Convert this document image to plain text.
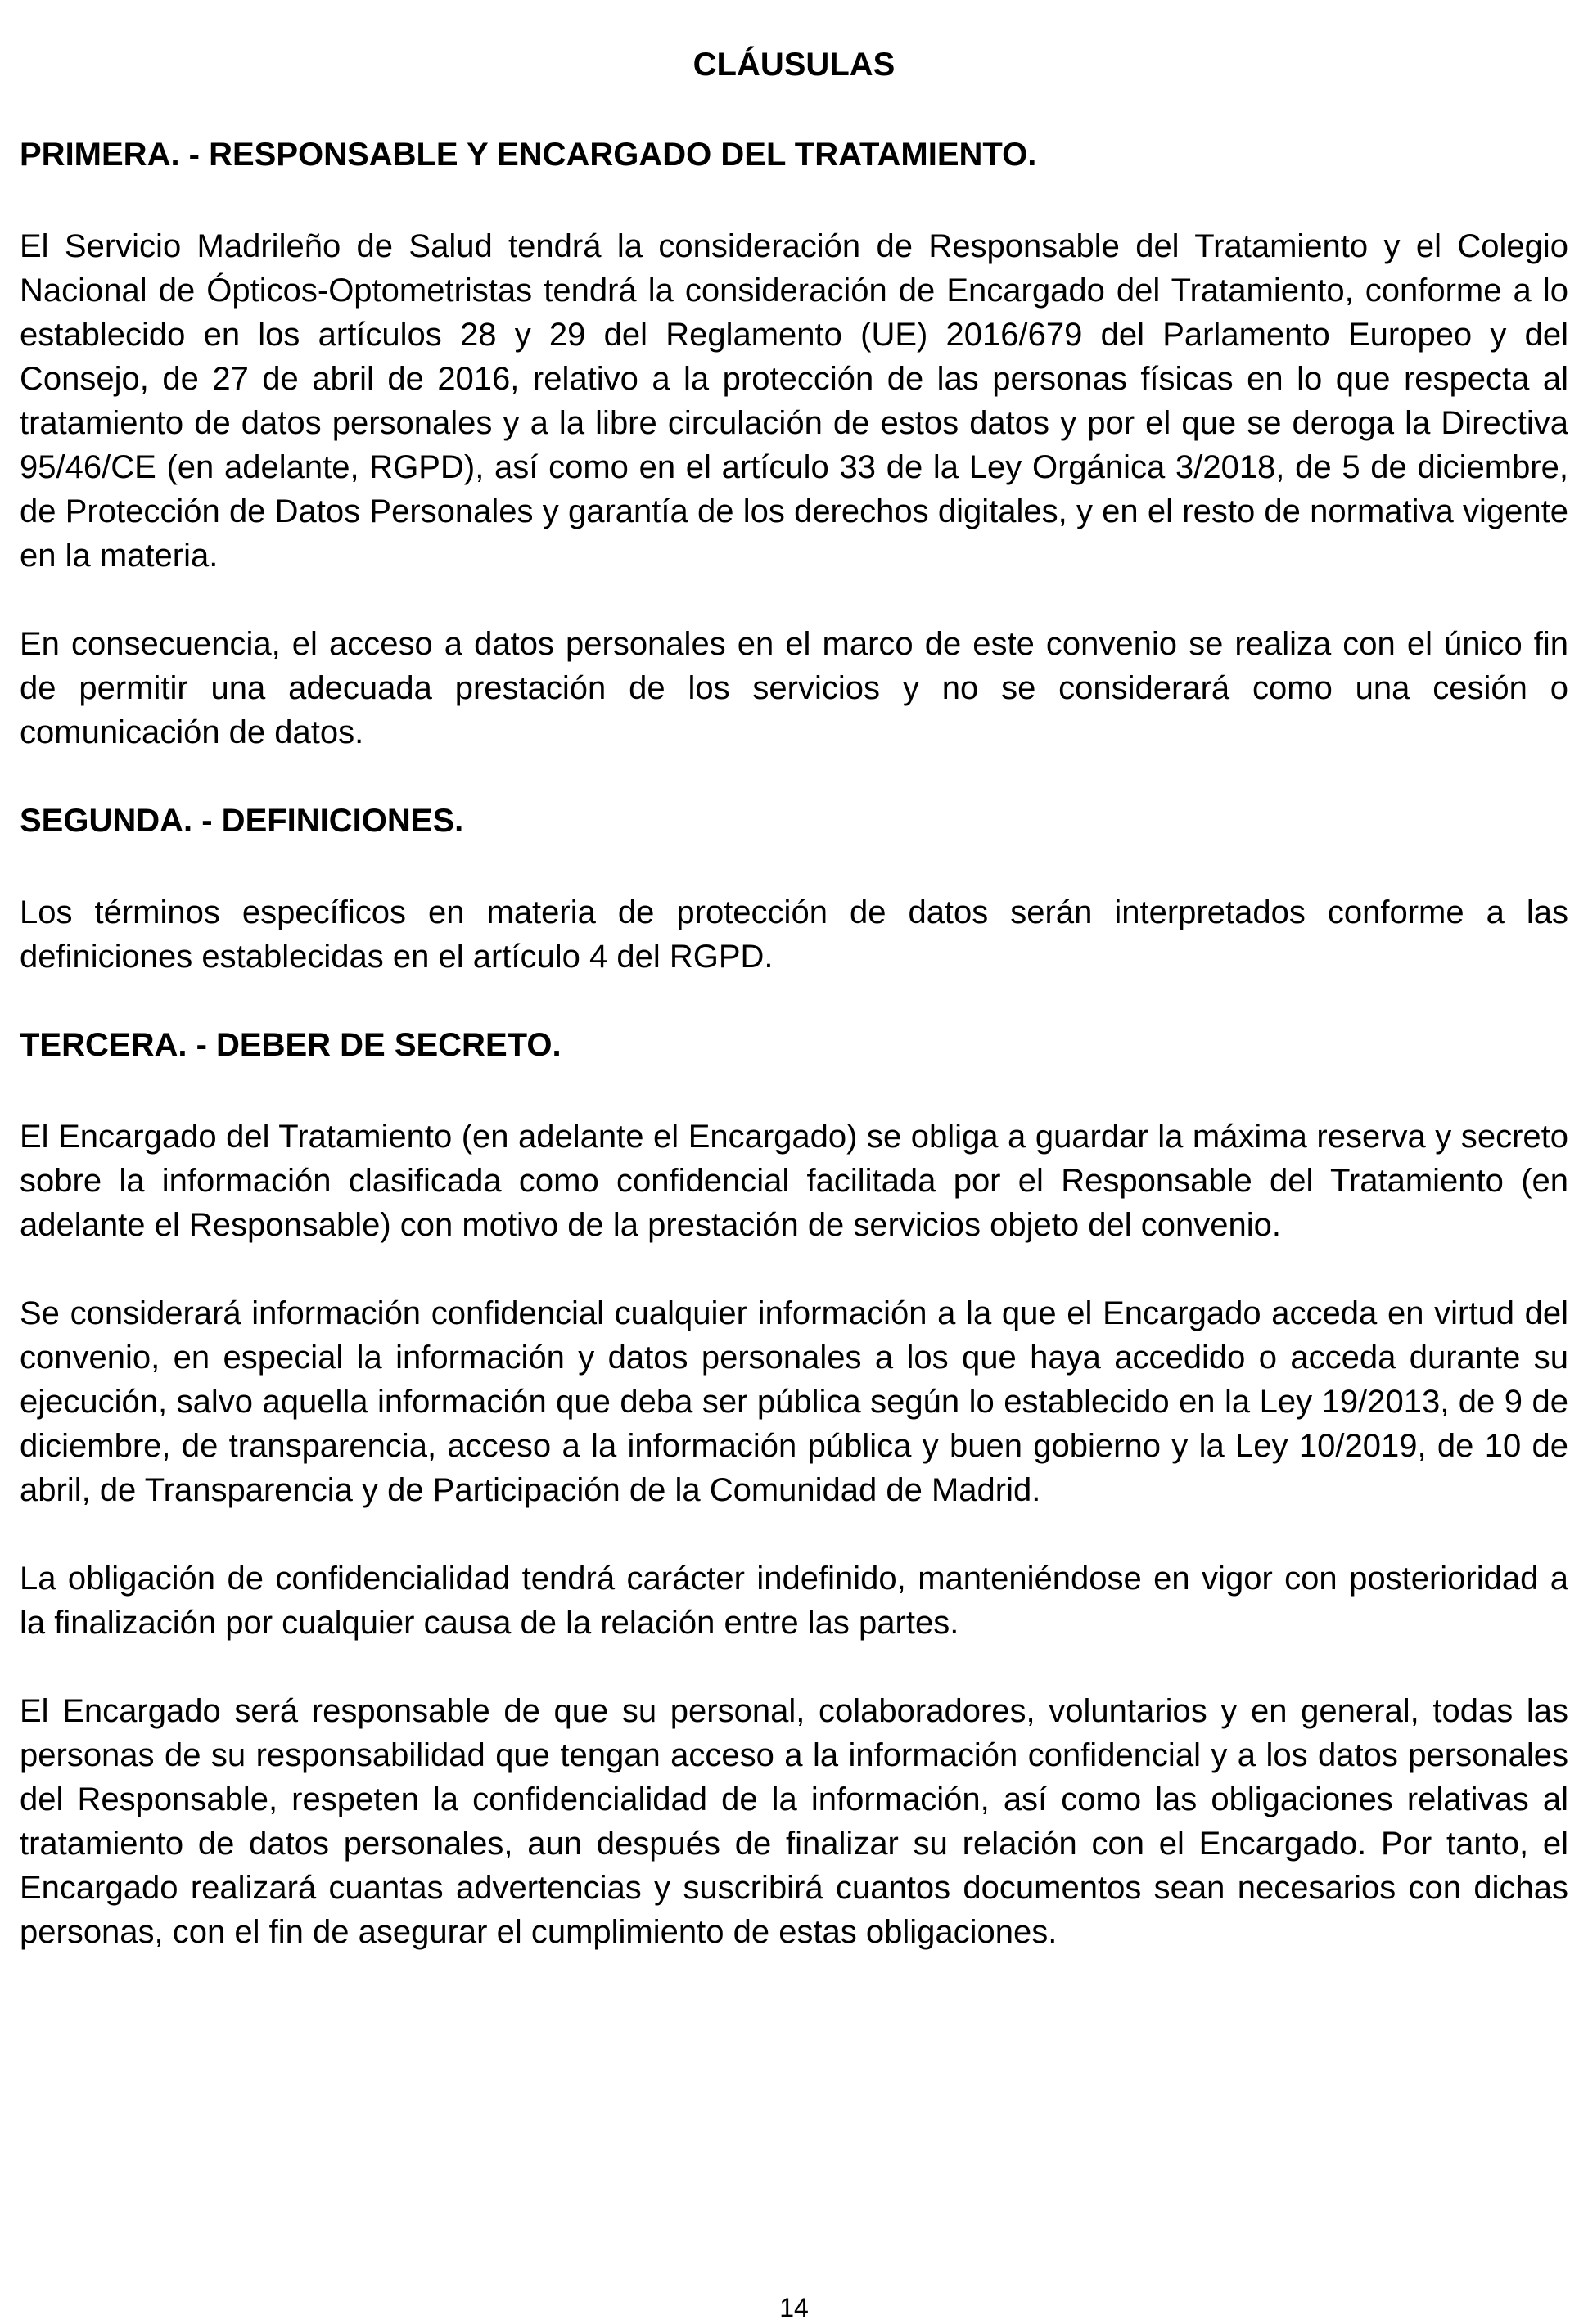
CLÁUSULAS
PRIMERA. - RESPONSABLE Y ENCARGADO DEL TRATAMIENTO.

El Servicio Madrileño de Salud tendrá la consideración de Responsable del Tratamiento y el Colegio Nacional de Ópticos-Optometristas tendrá la consideración de Encargado del Tratamiento, conforme a lo establecido en los artículos 28 y 29 del Reglamento (UE) 2016/679 del Parlamento Europeo y del Consejo, de 27 de abril de 2016, relativo a la protección de las personas físicas en lo que respecta al tratamiento de datos personales y a la libre circulación de estos datos y por el que se deroga la Directiva 95/46/CE (en adelante, RGPD), así como en el artículo 33 de la Ley Orgánica 3/2018, de 5 de diciembre, de Protección de Datos Personales y garantía de los derechos digitales, y en el resto de normativa vigente en la materia.

En consecuencia, el acceso a datos personales en el marco de este convenio se realiza con el único fin de permitir una adecuada prestación de los servicios y no se considerará como una cesión o comunicación de datos.

SEGUNDA. - DEFINICIONES.

Los términos específicos en materia de protección de datos serán interpretados conforme a las definiciones establecidas en el artículo 4 del RGPD.

TERCERA. - DEBER DE SECRETO.

El Encargado del Tratamiento (en adelante el Encargado) se obliga a guardar la máxima reserva y secreto sobre la información clasificada como confidencial facilitada por el Responsable del Tratamiento (en adelante el Responsable) con motivo de la prestación de servicios objeto del convenio.

Se considerará información confidencial cualquier información a la que el Encargado acceda en virtud del convenio, en especial la información y datos personales a los que haya accedido o acceda durante su ejecución, salvo aquella información que deba ser pública según lo establecido en la Ley 19/2013, de 9 de diciembre, de transparencia, acceso a la información pública y buen gobierno y la Ley 10/2019, de 10 de abril, de Transparencia y de Participación de la Comunidad de Madrid.

La obligación de confidencialidad tendrá carácter indefinido, manteniéndose en vigor con posterioridad a la finalización por cualquier causa de la relación entre las partes.

El Encargado será responsable de que su personal, colaboradores, voluntarios y en general, todas las personas de su responsabilidad que tengan acceso a la información confidencial y a los datos personales del Responsable, respeten la confidencialidad de la información, así como las obligaciones relativas al tratamiento de datos personales, aun después de finalizar su relación con el Encargado. Por tanto, el Encargado realizará cuantas advertencias y suscribirá cuantos documentos sean necesarios con dichas personas, con el fin de asegurar el cumplimiento de estas obligaciones.

14
